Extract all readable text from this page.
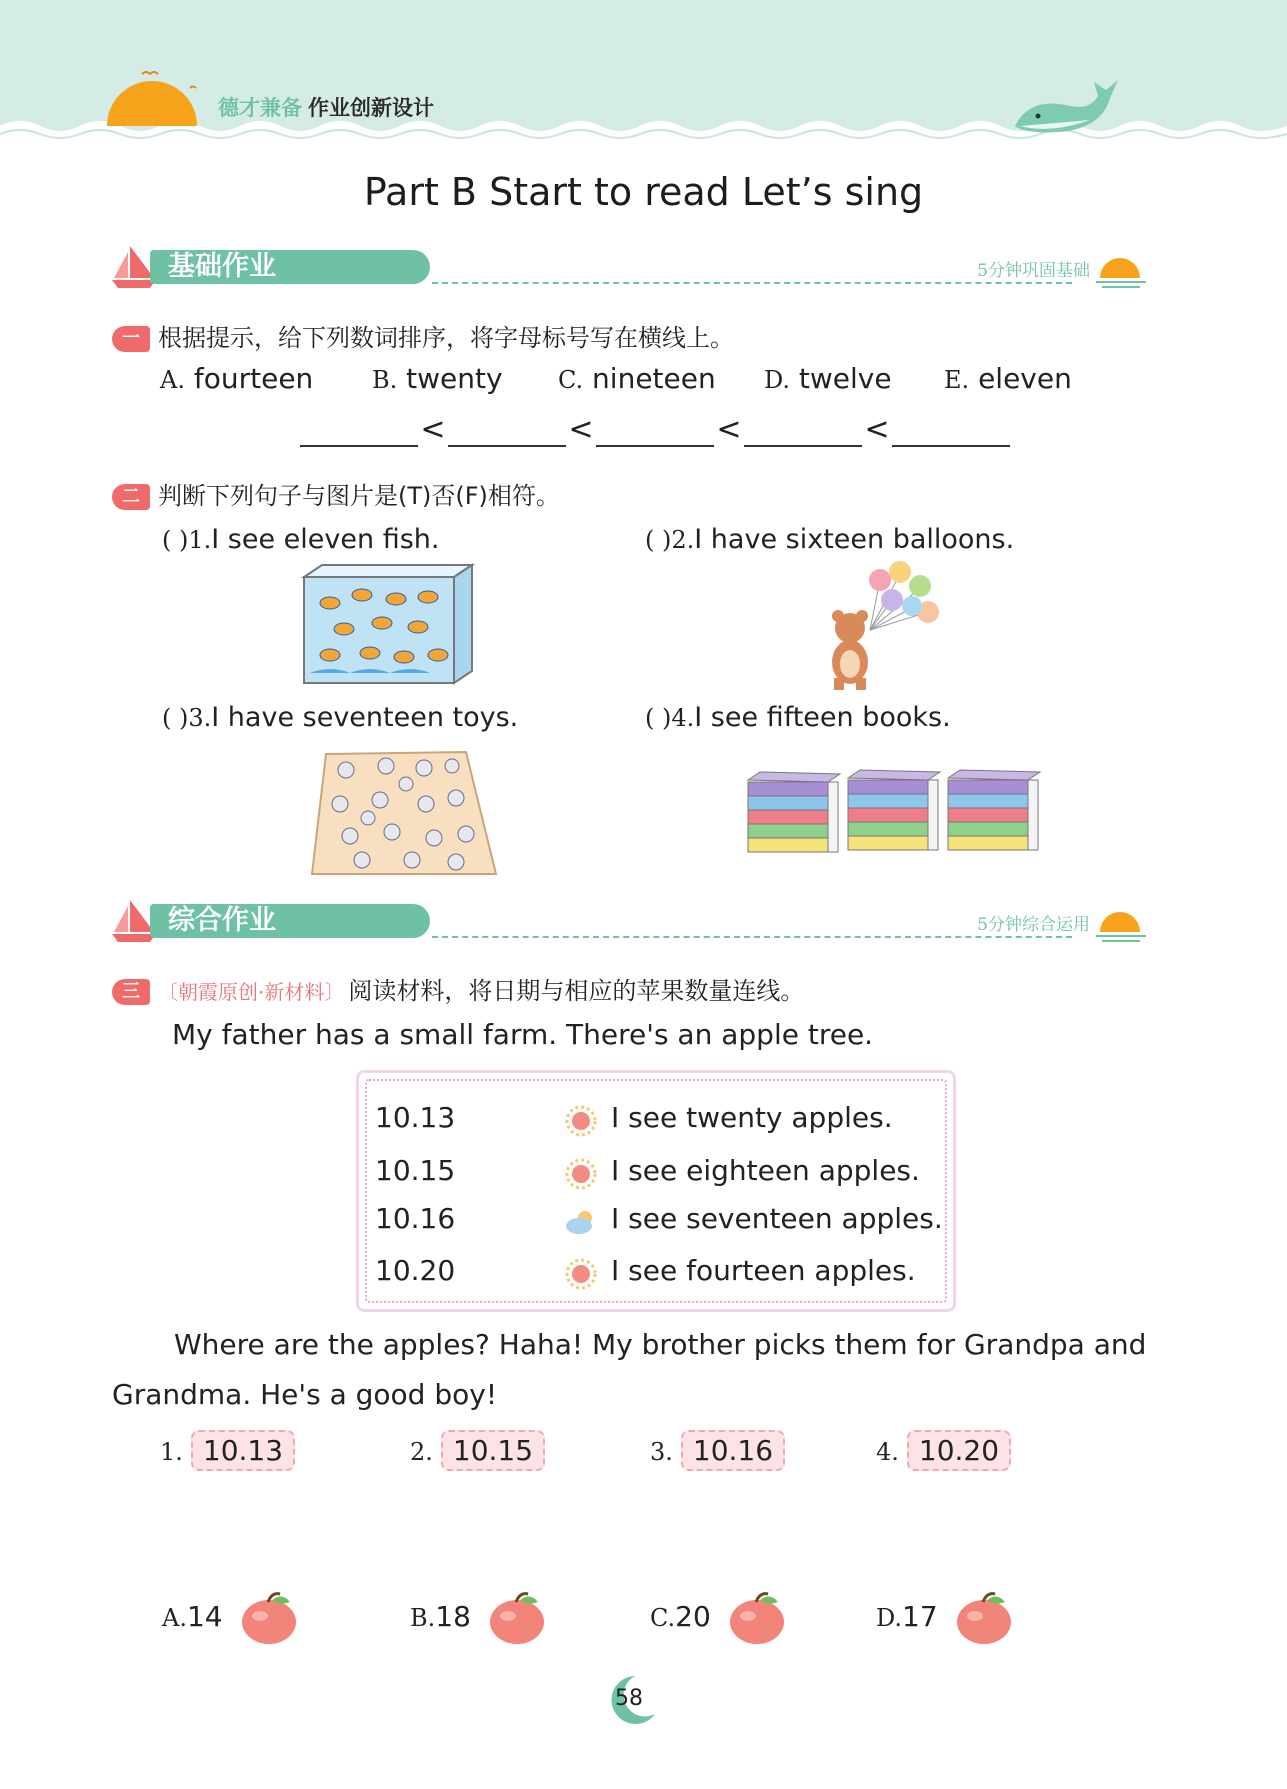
德才兼备 作业创新设计
Part B Start to read Let’s sing
基础作业	5分钟巩固基础
一 根据提示，给下列数词排序，将字母标号写在横线上。
A. fourteen B. twenty C. nineteen D. twelve E. eleven
<	<	<	<
二 判断下列句子与图片是(T)否(F)相符。
( )1.I see eleven fish.	( )2.I have sixteen balloons.
( )3.I have seventeen toys.	( )4.I see fifteen books.
综合作业	5分钟综合运用
三 〔朝霞原创·新材料〕 阅读材料，将日期与相应的苹果数量连线。
My father has a small farm. There's an apple tree.
10.13	I see twenty apples.
10.15	I see eighteen apples.
10.16	I see seventeen apples.
10.20	I see fourteen apples.
Where are the apples? Haha! My brother picks them for Grandpa and
Grandma. He's a good boy!
1. 10.13	2. 10.15	3. 10.16	4. 10.20
A.14	B.18	C.20	D.17
58
